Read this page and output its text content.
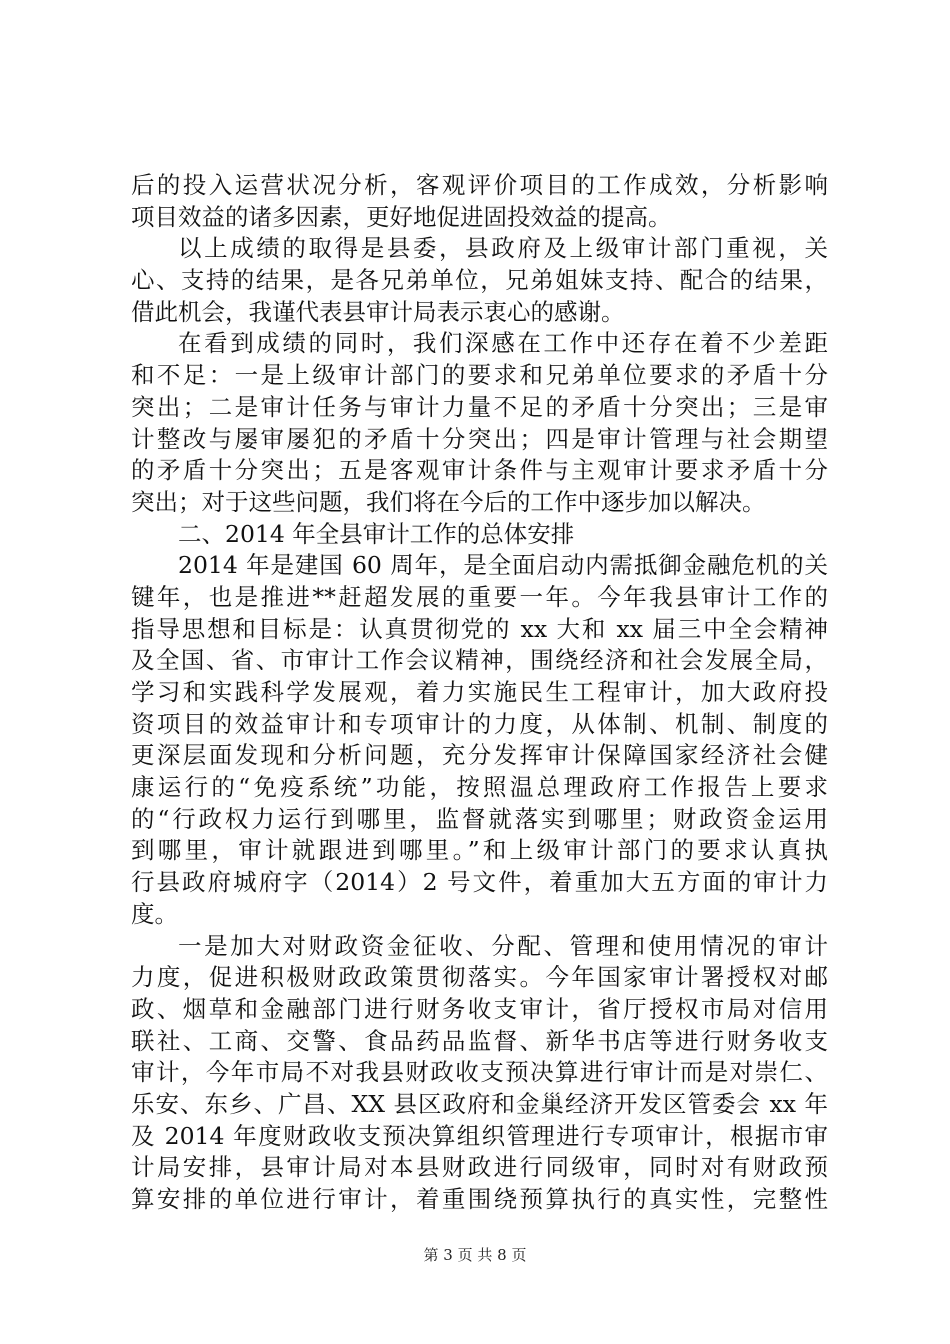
后的投入运营状况分析，客观评价项目的工作成效，分析影响
项目效益的诸多因素，更好地促进固投效益的提高。
以上成绩的取得是县委，县政府及上级审计部门重视，关
心、支持的结果，是各兄弟单位，兄弟姐妹支持、配合的结果，
借此机会，我谨代表县审计局表示衷心的感谢。
在看到成绩的同时，我们深感在工作中还存在着不少差距
和不足：一是上级审计部门的要求和兄弟单位要求的矛盾十分
突出；二是审计任务与审计力量不足的矛盾十分突出；三是审
计整改与屡审屡犯的矛盾十分突出；四是审计管理与社会期望
的矛盾十分突出；五是客观审计条件与主观审计要求矛盾十分
突出；对于这些问题，我们将在今后的工作中逐步加以解决。
二、2014 年全县审计工作的总体安排
2014 年是建国 60 周年，是全面启动内需抵御金融危机的关
键年，也是推进**赶超发展的重要一年。今年我县审计工作的
指导思想和目标是：认真贯彻党的 xx 大和 xx 届三中全会精神
及全国、省、市审计工作会议精神，围绕经济和社会发展全局，
学习和实践科学发展观，着力实施民生工程审计，加大政府投
资项目的效益审计和专项审计的力度，从体制、机制、制度的
更深层面发现和分析问题，充分发挥审计保障国家经济社会健
康运行的“免疫系统”功能，按照温总理政府工作报告上要求
的“行政权力运行到哪里，监督就落实到哪里；财政资金运用
到哪里，审计就跟进到哪里。”和上级审计部门的要求认真执
行县政府城府字（2014）2 号文件，着重加大五方面的审计力
度。
一是加大对财政资金征收、分配、管理和使用情况的审计
力度，促进积极财政政策贯彻落实。今年国家审计署授权对邮
政、烟草和金融部门进行财务收支审计，省厅授权市局对信用
联社、工商、交警、食品药品监督、新华书店等进行财务收支
审计，今年市局不对我县财政收支预决算进行审计而是对崇仁、
乐安、东乡、广昌、XX 县区政府和金巢经济开发区管委会 xx 年
及 2014 年度财政收支预决算组织管理进行专项审计，根据市审
计局安排，县审计局对本县财政进行同级审，同时对有财政预
算安排的单位进行审计，着重围绕预算执行的真实性，完整性
第 3 页 共 8 页
